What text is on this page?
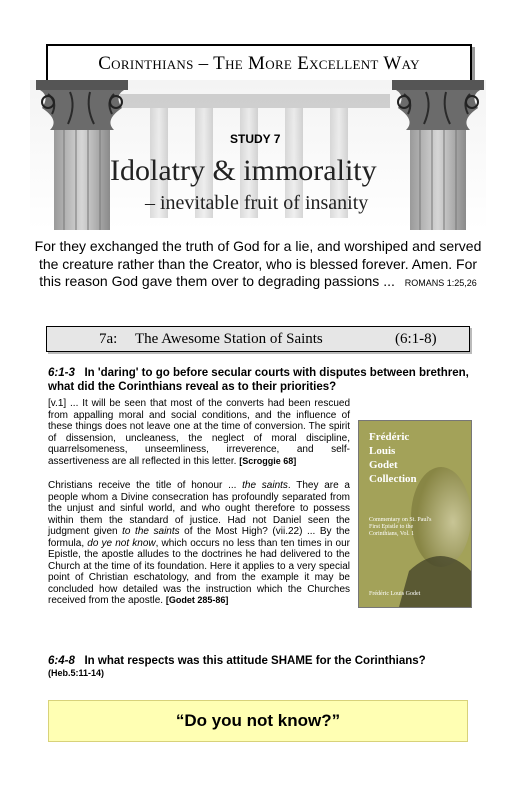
Corinthians – The More Excellent Way
STUDY 7
Idolatry & immorality
– inevitable fruit of insanity
For they exchanged the truth of God for a lie, and worshiped and served the creature rather than the Creator, who is blessed forever. Amen. For this reason God gave them over to degrading passions ... ROMANS 1:25,26
7a: The Awesome Station of Saints	(6:1-8)
6:1-3 In 'daring' to go before secular courts with disputes between brethren, what did the Corinthians reveal as to their priorities?
[v.1] ... It will be seen that most of the converts had been rescued from appalling moral and social conditions, and the influence of these things does not leave one at the time of conversion. The spirit of dissension, uncleaness, the neglect of moral discipline, quarrelsomeness, unseemliness, irreverence, and self-assertiveness are all reflected in this letter. [Scroggie 68]
Christians receive the title of honour ... the saints. They are a people whom a Divine consecration has profoundly separated from the unjust and sinful world, and who ought therefore to possess within them the standard of justice. Had not Daniel seen the judgment given to the saints of the Most High? (vii.22) ... By the formula, do ye not know, which occurs no less than ten times in our Epistle, the apostle alludes to the doctrines he had delivered to the Church at the time of its foundation. Here it applies to a very special point of Christian eschatology, and from the example it may be concluded how detailed was the instruction which the Churches received from the apostle. [Godet 285-86]
Frédéric
Louis
Godet
Collection
Commentary on St. Paul's First Epistle to the Corinthians, Vol. 1
Frédéric Louis Godet
6:4-8 In what respects was this attitude SHAME for the Corinthians?
(Heb.5:11-14)
“Do you not know?”
